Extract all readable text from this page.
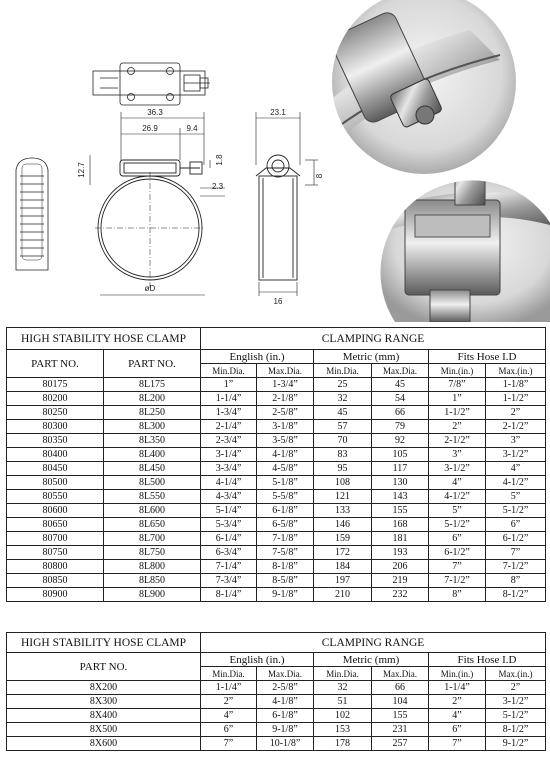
36.3
26.9	9.4
1.8
12.7
2.3
øD
23.1
8
16
HIGH STABILITY HOSE CLAMP		CLAMPING RANGE					
PART NO.	PART NO.	English (in.)		Metric (mm)		Fits Hose I.D	
		Min.Dia.	Max.Dia.	Min.Dia.	Max.Dia.	Min.(in.)	Max.(in.)
80175	8L175	1”	1-3/4”	25	45	7/8”	1-1/8”
80200	8L200	1-1/4”	2-1/8”	32	54	1”	1-1/2”
80250	8L250	1-3/4”	2-5/8”	45	66	1-1/2”	2”
80300	8L300	2-1/4”	3-1/8”	57	79	2”	2-1/2”
80350	8L350	2-3/4”	3-5/8”	70	92	2-1/2”	3”
80400	8L400	3-1/4”	4-1/8”	83	105	3”	3-1/2”
80450	8L450	3-3/4”	4-5/8”	95	117	3-1/2”	4”
80500	8L500	4-1/4”	5-1/8”	108	130	4”	4-1/2”
80550	8L550	4-3/4”	5-5/8”	121	143	4-1/2”	5”
80600	8L600	5-1/4”	6-1/8”	133	155	5”	5-1/2”
80650	8L650	5-3/4”	6-5/8”	146	168	5-1/2”	6”
80700	8L700	6-1/4”	7-1/8”	159	181	6”	6-1/2”
80750	8L750	6-3/4”	7-5/8”	172	193	6-1/2”	7”
80800	8L800	7-1/4”	8-1/8”	184	206	7”	7-1/2”
80850	8L850	7-3/4”	8-5/8”	197	219	7-1/2”	8”
80900	8L900	8-1/4”	9-1/8”	210	232	8”	8-1/2”
HIGH STABILITY HOSE CLAMP	CLAMPING RANGE					
PART NO.	English (in.)		Metric (mm)		Fits Hose I.D	
	Min.Dia.	Max.Dia.	Min.Dia.	Max.Dia.	Min.(in.)	Max.(in.)
8X200	1-1/4”	2-5/8”	32	66	1-1/4”	2”
8X300	2”	4-1/8”	51	104	2”	3-1/2”
8X400	4”	6-1/8”	102	155	4”	5-1/2”
8X500	6”	9-1/8”	153	231	6”	8-1/2”
8X600	7”	10-1/8”	178	257	7”	9-1/2”
